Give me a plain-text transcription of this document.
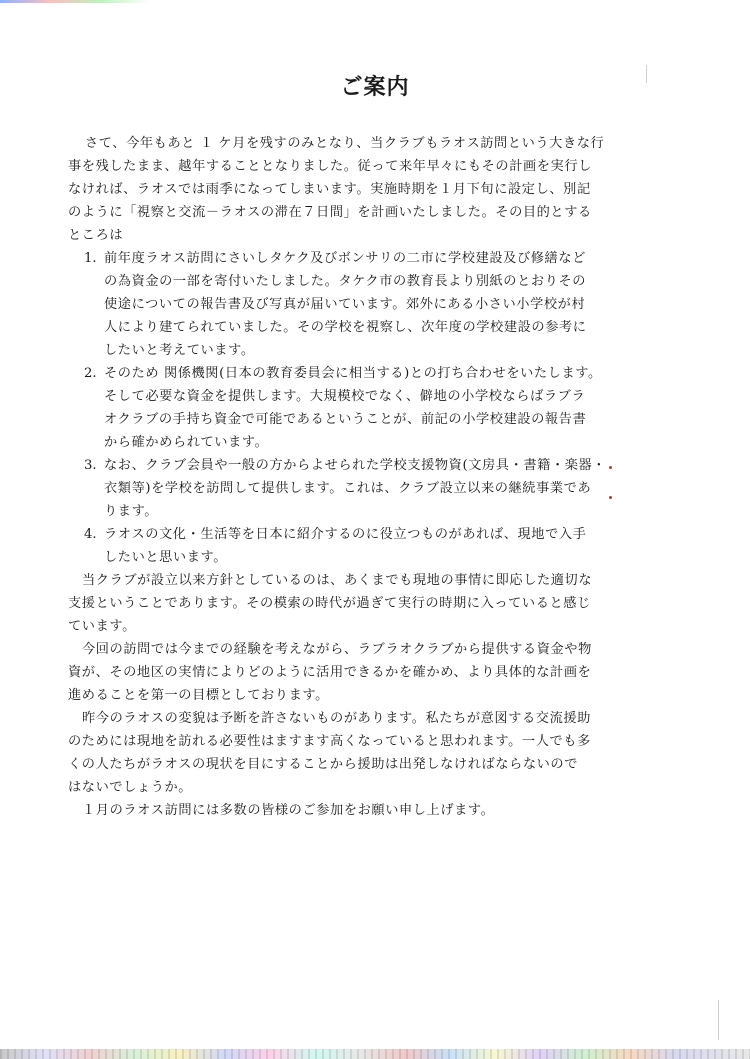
ご案内
さて、今年もあと １ ケ月を残すのみとなり、当クラブもラオス訪問という大きな行
事を残したまま、越年することとなりました。従って来年早々にもその計画を実行し
なければ、ラオスでは雨季になってしまいます。実施時期を１月下旬に設定し、別記
のように「視察と交流－ラオスの滞在７日間」を計画いたしました。その目的とする
ところは
1. 前年度ラオス訪問にさいしタケク及びボンサリの二市に学校建設及び修繕など
の為資金の一部を寄付いたしました。タケク市の教育長より別紙のとおりその
使途についての報告書及び写真が届いています。郊外にある小さい小学校が村
人により建てられていました。その学校を視察し、次年度の学校建設の参考に
したいと考えています。
2. そのため 関係機関(日本の教育委員会に相当する)との打ち合わせをいたします。
そして必要な資金を提供します。大規模校でなく、僻地の小学校ならばラブラ
オクラブの手持ち資金で可能であるということが、前記の小学校建設の報告書
から確かめられています。
3. なお、クラブ会員や一般の方からよせられた学校支援物資(文房具・書籍・楽器・
衣類等)を学校を訪問して提供します。これは、クラブ設立以来の継続事業であ
ります。
4. ラオスの文化・生活等を日本に紹介するのに役立つものがあれば、現地で入手
したいと思います。
当クラブが設立以来方針としているのは、あくまでも現地の事情に即応した適切な
支援ということであります。その模索の時代が過ぎて実行の時期に入っていると感じ
ています。
今回の訪問では今までの経験を考えながら、ラブラオクラブから提供する資金や物
資が、その地区の実情によりどのように活用できるかを確かめ、より具体的な計画を
進めることを第一の目標としております。
昨今のラオスの変貌は予断を許さないものがあります。私たちが意図する交流援助
のためには現地を訪れる必要性はますます高くなっていると思われます。一人でも多
くの人たちがラオスの現状を目にすることから援助は出発しなければならないので
はないでしょうか。
１月のラオス訪問には多数の皆様のご参加をお願い申し上げます。
